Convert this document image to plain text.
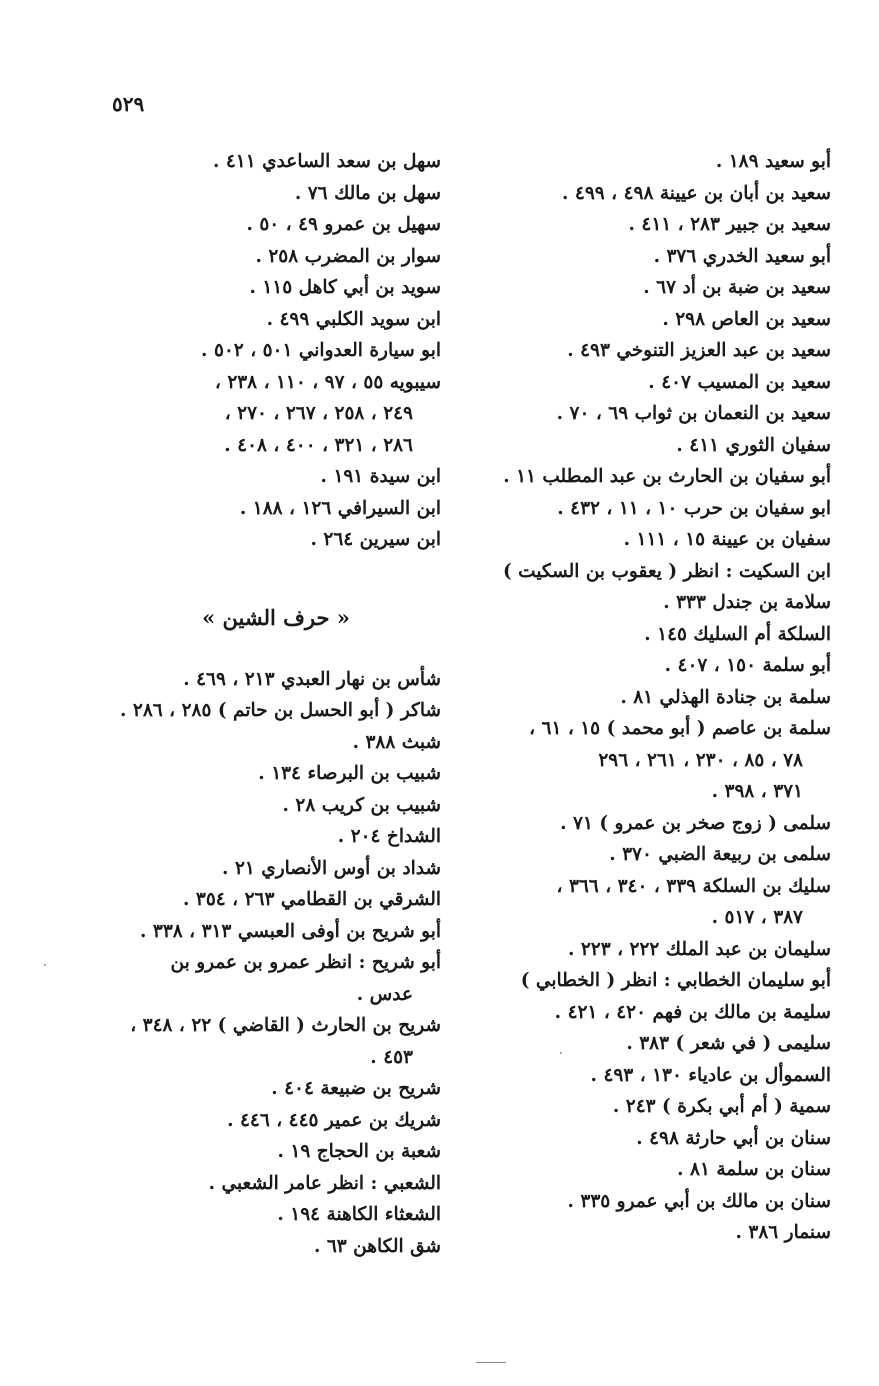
٥٢٩
أبو سعيد ١٨٩ .
سعيد بن أبان بن عيينة ٤٩٨ ، ٤٩٩ .
سعيد بن جبير ٢٨٣ ، ٤١١ .
أبو سعيد الخدري ٣٧٦ .
سعيد بن ضبة بن أد ٦٧ .
سعيد بن العاص ٢٩٨ .
سعيد بن عبد العزيز التنوخي ٤٩٣ .
سعيد بن المسيب ٤٠٧ .
سعيد بن النعمان بن ثواب ٦٩ ، ٧٠ .
سفيان الثوري ٤١١ .
أبو سفيان بن الحارث بن عبد المطلب ١١ .
ابو سفيان بن حرب ١٠ ، ١١ ، ٤٣٢ .
سفيان بن عيينة ١٥ ، ١١١ .
ابن السكيت : انظر ( يعقوب بن السكيت )
سلامة بن جندل ٣٣٣ .
السلكة أم السليك ١٤٥ .
أبو سلمة ١٥٠ ، ٤٠٧ .
سلمة بن جنادة الهذلي ٨١ .
سلمة بن عاصم ( أبو محمد ) ١٥ ، ٦١ ،
٧٨ ، ٨٥ ، ٢٣٠ ، ٢٦١ ، ٢٩٦
٣٧١ ، ٣٩٨ .
سلمى ( زوج صخر بن عمرو ) ٧١ .
سلمى بن ربيعة الضبي ٣٧٠ .
سليك بن السلكة ٣٣٩ ، ٣٤٠ ، ٣٦٦ ،
٣٨٧ ، ٥١٧ .
سليمان بن عبد الملك ٢٢٢ ، ٢٢٣ .
أبو سليمان الخطابي : انظر ( الخطابي )
سليمة بن مالك بن فهم ٤٢٠ ، ٤٢١ .
سليمى ( في شعر ) ٣٨٣ .
السموأل بن عادياء ١٣٠ ، ٤٩٣ .
سمية ( أم أبي بكرة ) ٢٤٣ .
سنان بن أبي حارثة ٤٩٨ .
سنان بن سلمة ٨١ .
سنان بن مالك بن أبي عمرو ٣٣٥ .
سنمار ٣٨٦ .
سهل بن سعد الساعدي ٤١١ .
سهل بن مالك ٧٦ .
سهيل بن عمرو ٤٩ ، ٥٠ .
سوار بن المضرب ٢٥٨ .
سويد بن أبي كاهل ١١٥ .
ابن سويد الكلبي ٤٩٩ .
ابو سيارة العدواني ٥٠١ ، ٥٠٢ .
سيبويه ٥٥ ، ٩٧ ، ١١٠ ، ٢٣٨ ،
٢٤٩ ، ٢٥٨ ، ٢٦٧ ، ٢٧٠ ،
٢٨٦ ، ٣٢١ ، ٤٠٠ ، ٤٠٨ .
ابن سيدة ١٩١ .
ابن السيرافي ١٢٦ ، ١٨٨ .
ابن سيرين ٢٦٤ .
« حرف الشين »
شأس بن نهار العبدي ٢١٣ ، ٤٦٩ .
شاكر ( أبو الحسل بن حاتم ) ٢٨٥ ، ٢٨٦ .
شبث ٣٨٨ .
شبيب بن البرصاء ١٣٤ .
شبيب بن كريب ٢٨ .
الشداخ ٢٠٤ .
شداد بن أوس الأنصاري ٢١ .
الشرقي بن القطامي ٢٦٣ ، ٣٥٤ .
أبو شريح بن أوفى العبسي ٣١٣ ، ٣٣٨ .
أبو شريح : انظر عمرو بن عمرو بن
عدس .
شريح بن الحارث ( القاضي ) ٢٢ ، ٣٤٨ ،
٤٥٣ .
شريح بن ضبيعة ٤٠٤ .
شريك بن عمير ٤٤٥ ، ٤٤٦ .
شعبة بن الحجاج ١٩ .
الشعبي : انظر عامر الشعبي .
الشعثاء الكاهنة ١٩٤ .
شق الكاهن ٦٣ .
